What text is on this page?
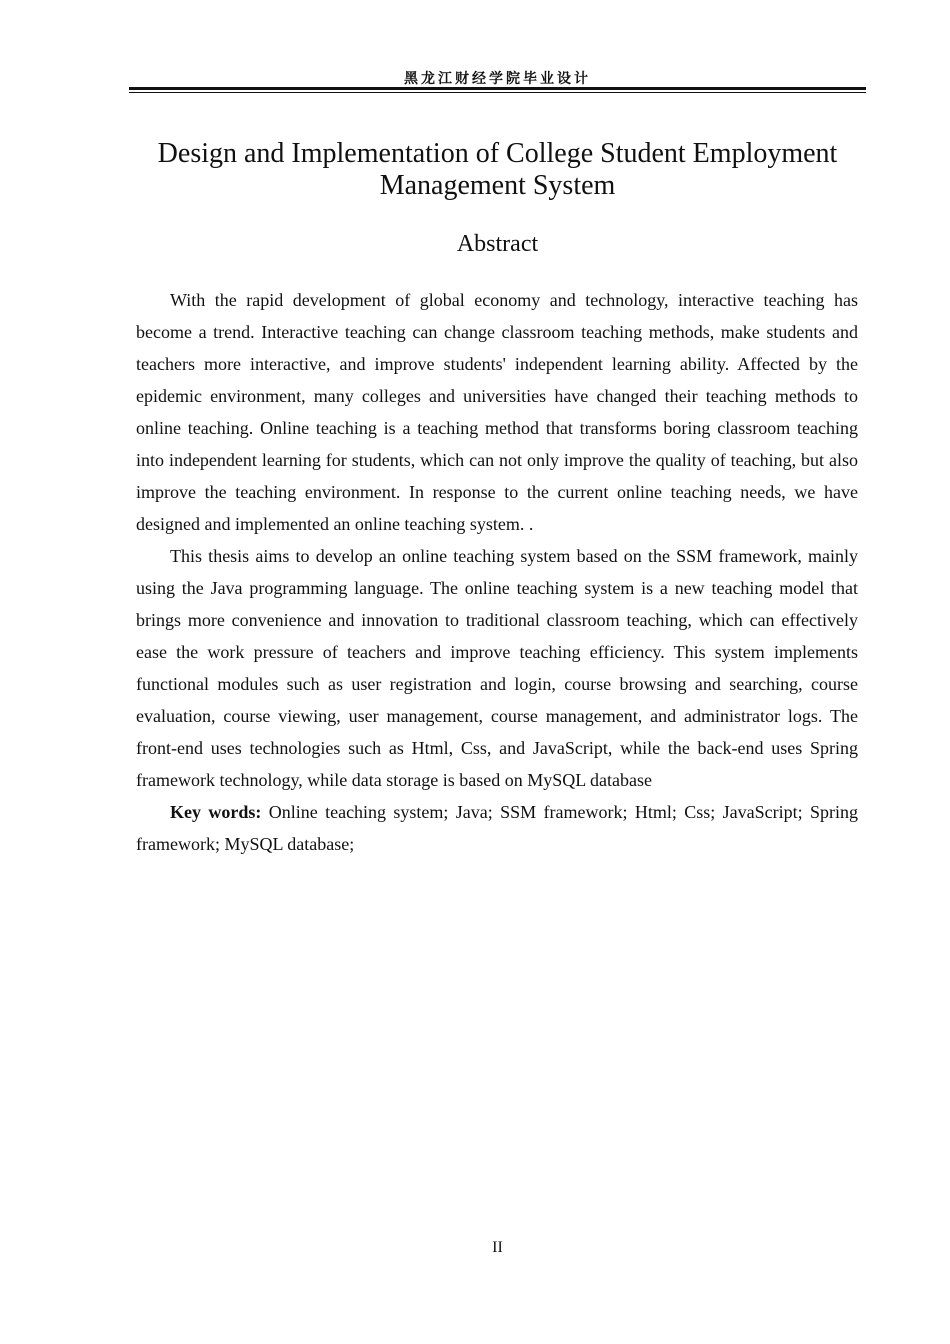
黑龙江财经学院毕业设计
Design and Implementation of College Student Employment
Management System
Abstract

With the rapid development of global economy and technology, interactive teaching has become a trend. Interactive teaching can change classroom teaching methods, make students and teachers more interactive, and improve students' independent learning ability. Affected by the epidemic environment, many colleges and universities have changed their teaching methods to online teaching. Online teaching is a teaching method that transforms boring classroom teaching into independent learning for students, which can not only improve the quality of teaching, but also improve the teaching environment. In response to the current online teaching needs, we have designed and implemented an online teaching system. .

This thesis aims to develop an online teaching system based on the SSM framework, mainly using the Java programming language. The online teaching system is a new teaching model that brings more convenience and innovation to traditional classroom teaching, which can effectively ease the work pressure of teachers and improve teaching efficiency. This system implements functional modules such as user registration and login, course browsing and searching, course evaluation, course viewing, user management, course management, and administrator logs. The front-end uses technologies such as Html, Css, and JavaScript, while the back-end uses Spring framework technology, while data storage is based on MySQL database

Key words: Online teaching system; Java; SSM framework; Html; Css; JavaScript; Spring framework; MySQL database;

II
